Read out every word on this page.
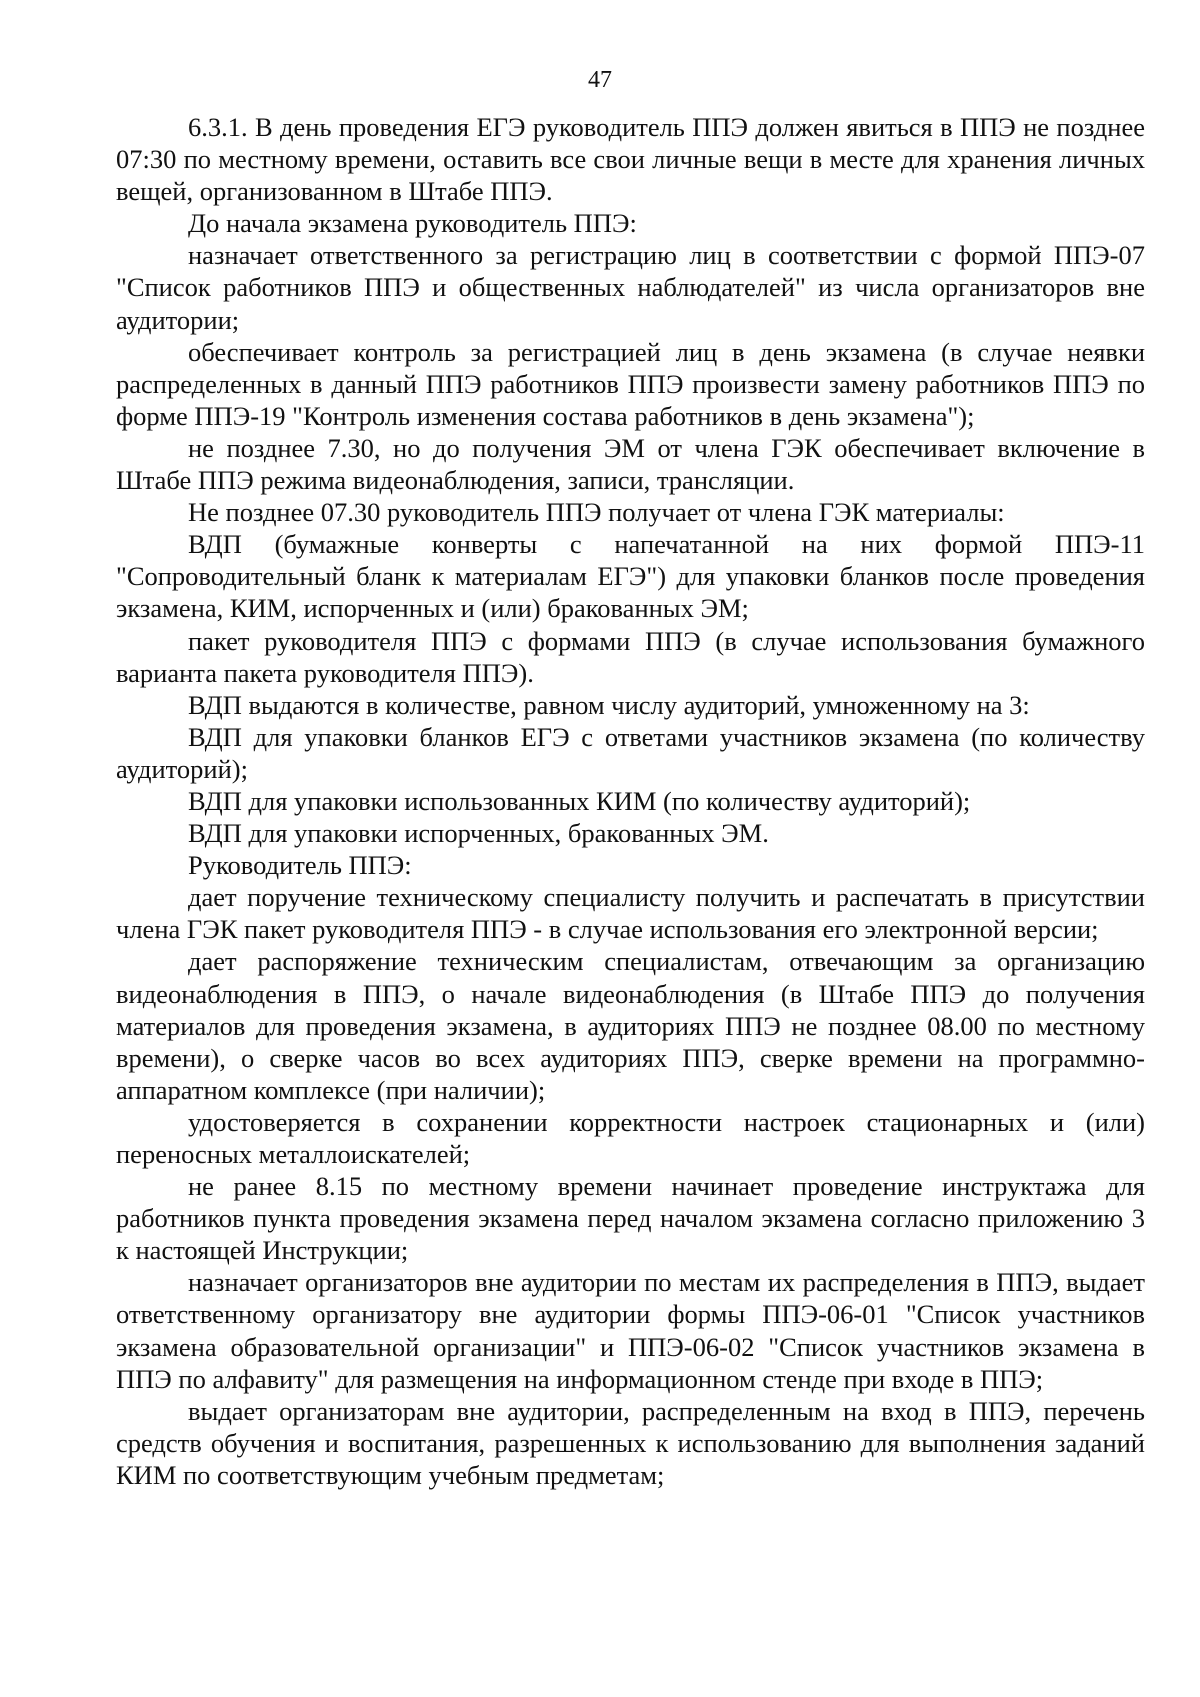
47

6.3.1. В день проведения ЕГЭ руководитель ППЭ должен явиться в ППЭ не позднее 07:30 по местному времени, оставить все свои личные вещи в месте для хранения личных вещей, организованном в Штабе ППЭ.

До начала экзамена руководитель ППЭ:

назначает ответственного за регистрацию лиц в соответствии с формой ППЭ-07 "Список работников ППЭ и общественных наблюдателей" из числа организаторов вне аудитории;

обеспечивает контроль за регистрацией лиц в день экзамена (в случае неявки распределенных в данный ППЭ работников ППЭ произвести замену работников ППЭ по форме ППЭ-19 "Контроль изменения состава работников в день экзамена");

не позднее 7.30, но до получения ЭМ от члена ГЭК обеспечивает включение в Штабе ППЭ режима видеонаблюдения, записи, трансляции.

Не позднее 07.30 руководитель ППЭ получает от члена ГЭК материалы:

ВДП (бумажные конверты с напечатанной на них формой ППЭ-11 "Сопроводительный бланк к материалам ЕГЭ") для упаковки бланков после проведения экзамена, КИМ, испорченных и (или) бракованных ЭМ;

пакет руководителя ППЭ с формами ППЭ (в случае использования бумажного варианта пакета руководителя ППЭ).

ВДП выдаются в количестве, равном числу аудиторий, умноженному на 3:

ВДП для упаковки бланков ЕГЭ с ответами участников экзамена (по количеству аудиторий);

ВДП для упаковки использованных КИМ (по количеству аудиторий);

ВДП для упаковки испорченных, бракованных ЭМ.

Руководитель ППЭ:

дает поручение техническому специалисту получить и распечатать в присутствии члена ГЭК пакет руководителя ППЭ - в случае использования его электронной версии;

дает распоряжение техническим специалистам, отвечающим за организацию видеонаблюдения в ППЭ, о начале видеонаблюдения (в Штабе ППЭ до получения материалов для проведения экзамена, в аудиториях ППЭ не позднее 08.00 по местному времени), о сверке часов во всех аудиториях ППЭ, сверке времени на программно-аппаратном комплексе (при наличии);

удостоверяется в сохранении корректности настроек стационарных и (или) переносных металлоискателей;

не ранее 8.15 по местному времени начинает проведение инструктажа для работников пункта проведения экзамена перед началом экзамена согласно приложению 3 к настоящей Инструкции;

назначает организаторов вне аудитории по местам их распределения в ППЭ, выдает ответственному организатору вне аудитории формы ППЭ-06-01 "Список участников экзамена образовательной организации" и ППЭ-06-02 "Список участников экзамена в ППЭ по алфавиту" для размещения на информационном стенде при входе в ППЭ;

выдает организаторам вне аудитории, распределенным на вход в ППЭ, перечень средств обучения и воспитания, разрешенных к использованию для выполнения заданий КИМ по соответствующим учебным предметам;
